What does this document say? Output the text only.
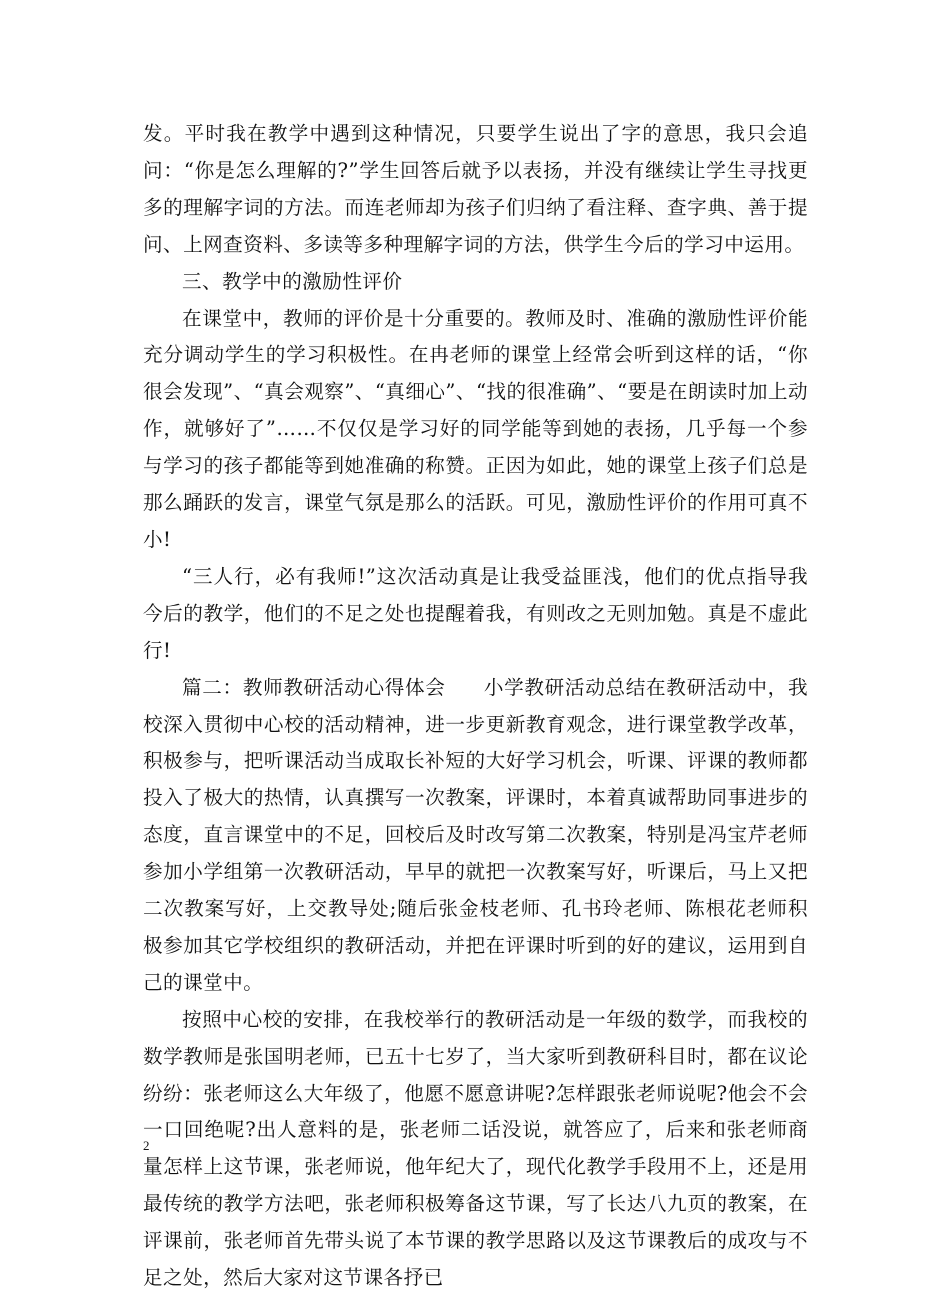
发。平时我在教学中遇到这种情况，只要学生说出了字的意思，我只会追问：“你是怎么理解的?”学生回答后就予以表扬，并没有继续让学生寻找更多的理解字词的方法。而连老师却为孩子们归纳了看注释、查字典、善于提问、上网查资料、多读等多种理解字词的方法，供学生今后的学习中运用。

三、教学中的激励性评价

在课堂中，教师的评价是十分重要的。教师及时、准确的激励性评价能充分调动学生的学习积极性。在冉老师的课堂上经常会听到这样的话，“你很会发现”、“真会观察”、“真细心”、“找的很准确”、“要是在朗读时加上动作，就够好了”……不仅仅是学习好的同学能等到她的表扬，几乎每一个参与学习的孩子都能等到她准确的称赞。正因为如此，她的课堂上孩子们总是那么踊跃的发言，课堂气氛是那么的活跃。可见，激励性评价的作用可真不小!

“三人行，必有我师!”这次活动真是让我受益匪浅，他们的优点指导我今后的教学，他们的不足之处也提醒着我，有则改之无则加勉。真是不虚此行!

篇二：教师教研活动心得体会 小学教研活动总结在教研活动中，我校深入贯彻中心校的活动精神，进一步更新教育观念，进行课堂教学改革，积极参与，把听课活动当成取长补短的大好学习机会，听课、评课的教师都投入了极大的热情，认真撰写一次教案，评课时，本着真诚帮助同事进步的态度，直言课堂中的不足，回校后及时改写第二次教案，特别是冯宝芹老师参加小学组第一次教研活动，早早的就把一次教案写好，听课后，马上又把二次教案写好，上交教导处;随后张金枝老师、孔书玲老师、陈根花老师积极参加其它学校组织的教研活动，并把在评课时听到的好的建议，运用到自己的课堂中。

按照中心校的安排，在我校举行的教研活动是一年级的数学，而我校的数学教师是张国明老师，已五十七岁了，当大家听到教研科目时，都在议论纷纷：张老师这么大年级了，他愿不愿意讲呢?怎样跟张老师说呢?他会不会一口回绝呢?出人意料的是，张老师二话没说，就答应了，后来和张老师商量怎样上这节课，张老师说，他年纪大了，现代化教学手段用不上，还是用最传统的教学方法吧，张老师积极筹备这节课，写了长达八九页的教案，在评课前，张老师首先带头说了本节课的教学思路以及这节课教后的成攻与不足之处，然后大家对这节课各抒已

2
